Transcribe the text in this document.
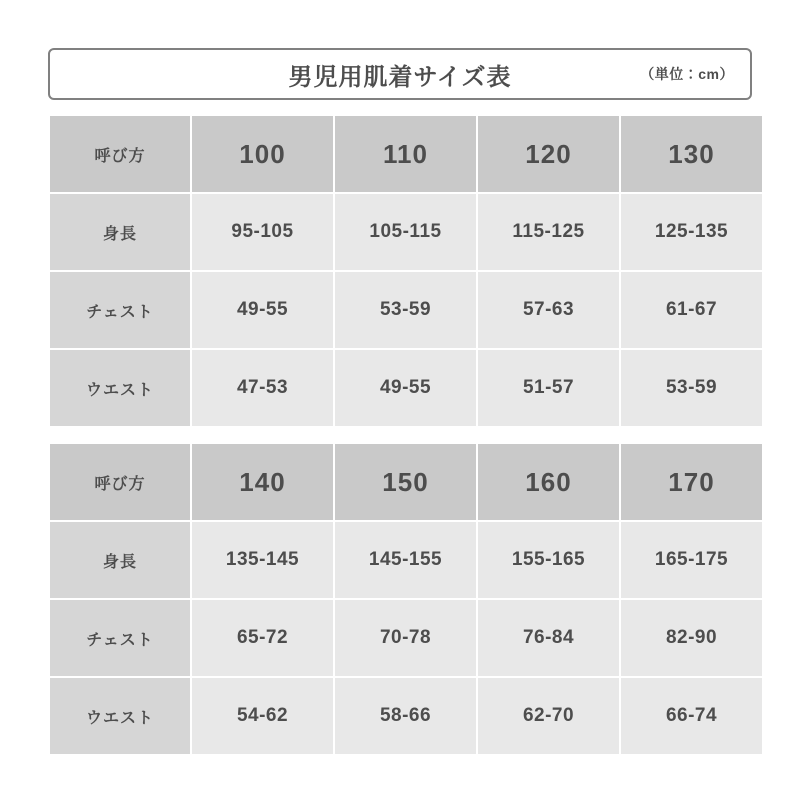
男児用肌着サイズ表	（単位：cm）
呼び方	100	110	120	130
身長	95-105	105-115	115-125	125-135
チェスト	49-55	53-59	57-63	61-67
ウエスト	47-53	49-55	51-57	53-59
呼び方	140	150	160	170
身長	135-145	145-155	155-165	165-175
チェスト	65-72	70-78	76-84	82-90
ウエスト	54-62	58-66	62-70	66-74
